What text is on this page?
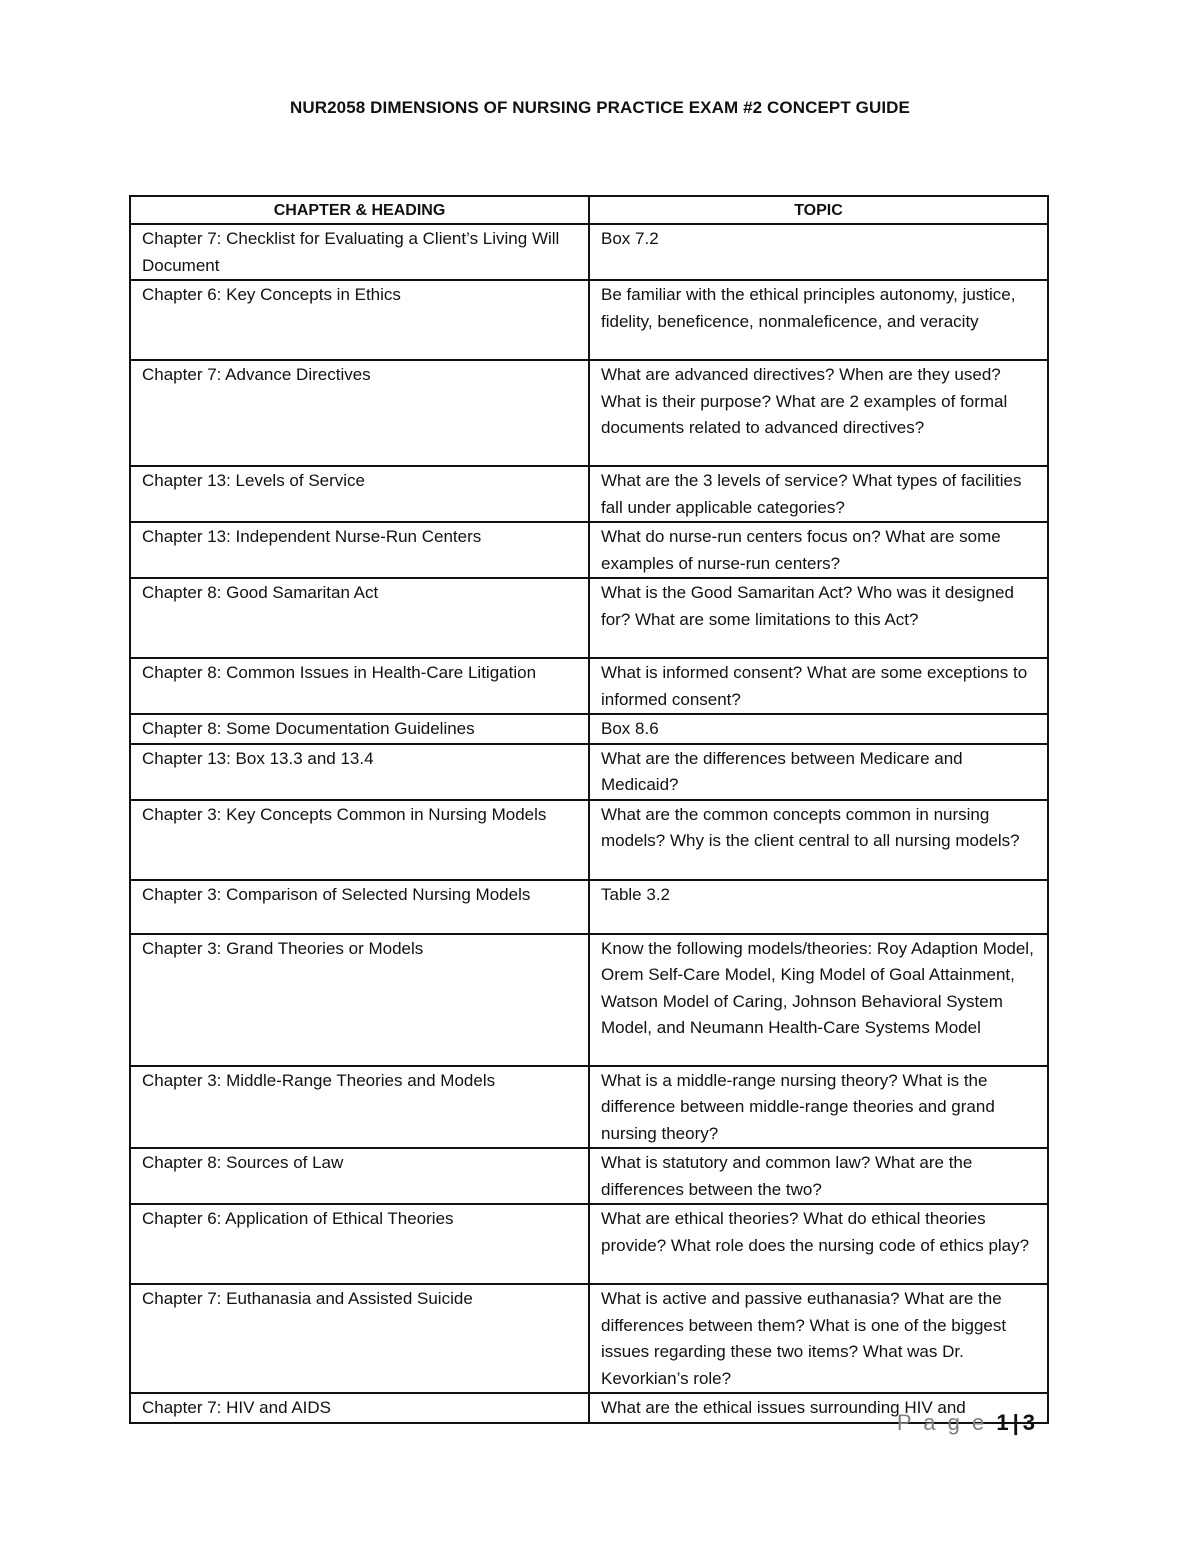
NUR2058 DIMENSIONS OF NURSING PRACTICE EXAM #2 CONCEPT GUIDE
CHAPTER & HEADING	TOPIC
Chapter 7: Checklist for Evaluating a Client’s Living Will Document	Box 7.2
Chapter 6: Key Concepts in Ethics	Be familiar with the ethical principles autonomy, justice, fidelity, beneficence, nonmaleficence, and veracity
Chapter 7: Advance Directives	What are advanced directives? When are they used? What is their purpose? What are 2 examples of formal documents related to advanced directives?
Chapter 13: Levels of Service	What are the 3 levels of service? What types of facilities fall under applicable categories?
Chapter 13: Independent Nurse-Run Centers	What do nurse-run centers focus on? What are some examples of nurse-run centers?
Chapter 8: Good Samaritan Act	What is the Good Samaritan Act? Who was it designed for? What are some limitations to this Act?
Chapter 8: Common Issues in Health-Care Litigation	What is informed consent? What are some exceptions to informed consent?
Chapter 8: Some Documentation Guidelines	Box 8.6
Chapter 13: Box 13.3 and 13.4	What are the differences between Medicare and Medicaid?
Chapter 3: Key Concepts Common in Nursing Models	What are the common concepts common in nursing models? Why is the client central to all nursing models?
Chapter 3: Comparison of Selected Nursing Models	Table 3.2
Chapter 3: Grand Theories or Models	Know the following models/theories: Roy Adaption Model, Orem Self-Care Model, King Model of Goal Attainment, Watson Model of Caring, Johnson Behavioral System Model, and Neumann Health-Care Systems Model
Chapter 3: Middle-Range Theories and Models	What is a middle-range nursing theory? What is the difference between middle-range theories and grand nursing theory?
Chapter 8: Sources of Law	What is statutory and common law? What are the differences between the two?
Chapter 6: Application of Ethical Theories	What are ethical theories? What do ethical theories provide? What role does the nursing code of ethics play?
Chapter 7: Euthanasia and Assisted Suicide	What is active and passive euthanasia? What are the differences between them? What is one of the biggest issues regarding these two items? What was Dr. Kevorkian’s role?
Chapter 7: HIV and AIDS	What are the ethical issues surrounding HIV and
P a g e 1 | 3
